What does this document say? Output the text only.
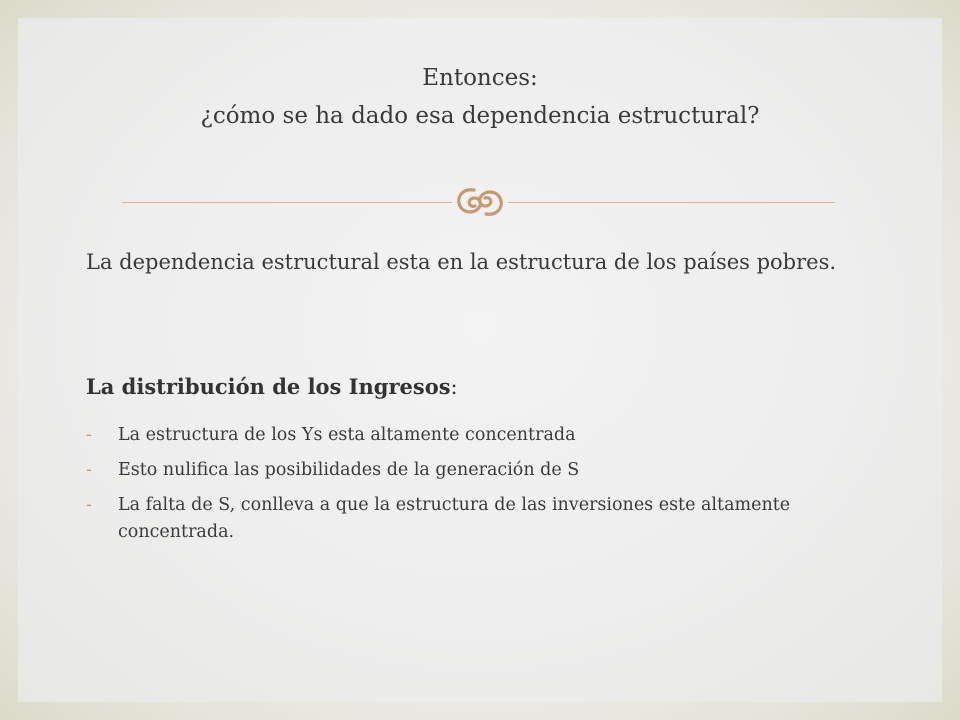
Entonces:
¿cómo se ha dado esa dependencia estructural?
La dependencia estructural esta en la estructura de los países pobres.
La distribución de los Ingresos:
- La estructura de los Ys esta altamente concentrada
- Esto nulifica las posibilidades de la generación de S
- La falta de S, conlleva a que la estructura de las inversiones este altamente concentrada.
